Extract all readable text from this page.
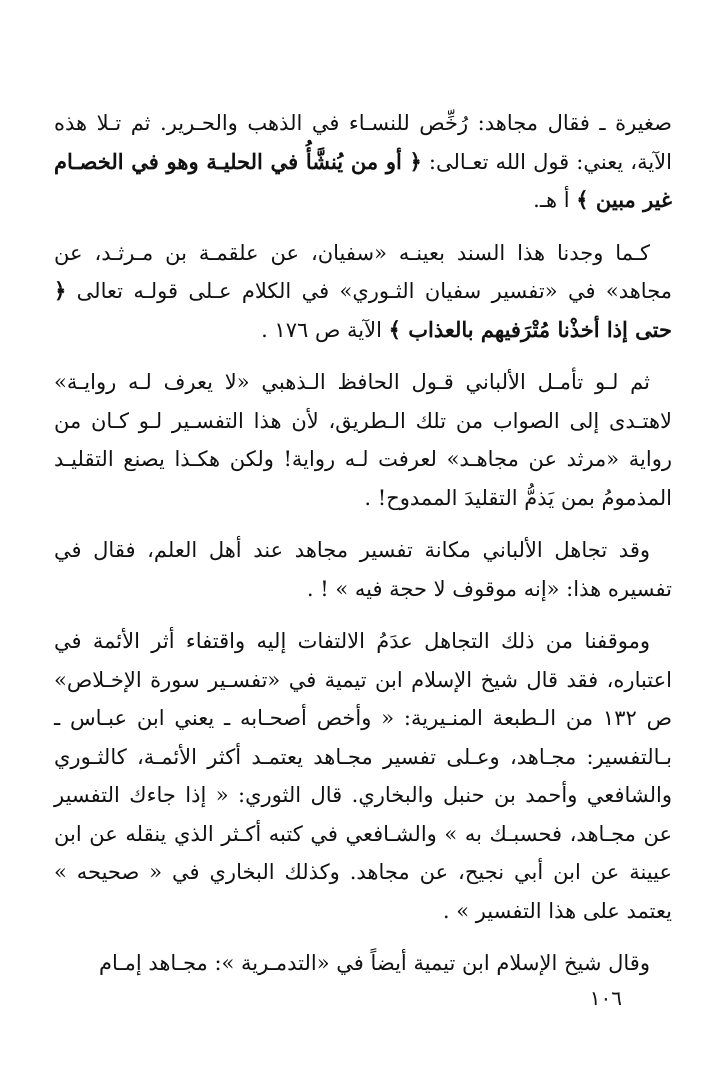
صغيرة ـ فقال مجاهد: رُخِّص للنسـاء في الذهب والحـرير. ثم تـلا هذه الآية، يعني: قول الله تعـالى: ﴿ أو من يُنشَّأُ في الحليـة وهو في الخصـام غير مبين ﴾ أ هـ.

كـما وجدنا هذا السند بعينـه «سفيان، عن علقمـة بن مـرثـد، عن مجاهد» في «تفسير سفيان الثـوري» في الكلام عـلى قولـه تعالى ﴿ حتى إذا أخذْنا مُتْرَفيهم بالعذاب ﴾ الآية ص ١٧٦ .

ثم لـو تأمـل الألباني قـول الحافظ الـذهبي «لا يعرف لـه روايـة» لاهتـدى إلى الصواب من تلك الـطريق، لأن هذا التفسـير لـو كـان من رواية «مرثد عن مجاهـد» لعرفت لـه رواية! ولكن هكـذا يصنع التقليـد المذمومُ بمن يَذمُّ التقليدَ الممدوح! .

وقد تجاهل الألباني مكانة تفسير مجاهد عند أهل العلم، فقال في تفسيره هذا: «إنه موقوف لا حجة فيه » ! .

وموقفنا من ذلك التجاهل عدَمُ الالتفات إليه واقتفاء أثر الأئمة في اعتباره، فقد قال شيخ الإسلام ابن تيمية في «تفسـير سورة الإخـلاص» ص ١٣٢ من الـطبعة المنـيرية: « وأخص أصحـابه ـ يعني ابن عبـاس ـ بـالتفسير: مجـاهد، وعـلى تفسير مجـاهد يعتمـد أكثر الأئمـة، كالثـوري والشافعي وأحمد بن حنبل والبخاري. قال الثوري: « إذا جاءك التفسير عن مجـاهد، فحسبـك به » والشـافعي في كتبه أكـثر الذي ينقله عن ابن عيينة عن ابن أبي نجيح، عن مجاهد. وكذلك البخاري في « صحيحه » يعتمد على هذا التفسير » .

وقال شيخ الإسلام ابن تيمية أيضاً في «التدمـرية »: مجـاهد إمـام

١٠٦
